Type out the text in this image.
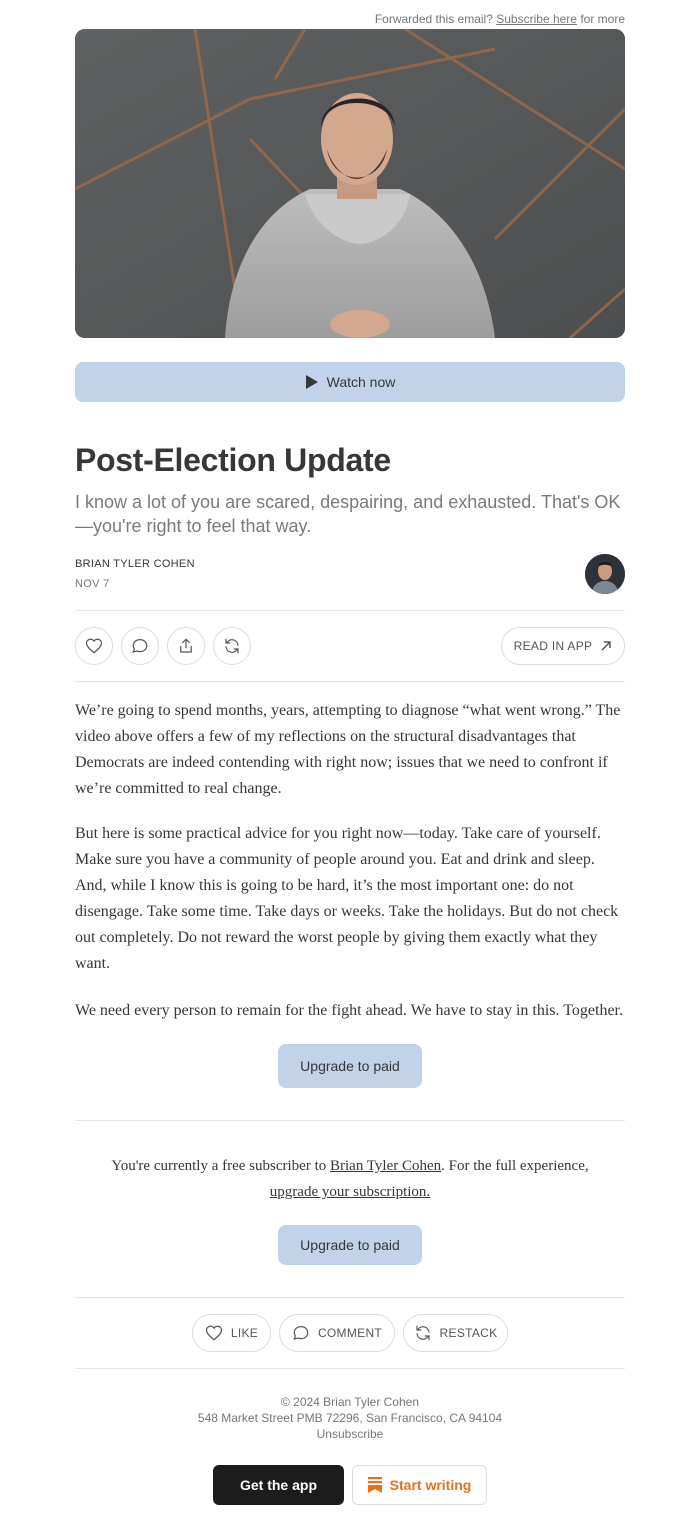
Forwarded this email? Subscribe here for more
Watch now
Post-Election Update

I know a lot of you are scared, despairing, and exhausted. That's OK —you're right to feel that way.

BRIAN TYLER COHEN
NOV 7
READ IN APP

We’re going to spend months, years, attempting to diagnose “what went wrong.” The video above offers a few of my reflections on the structural disadvantages that Democrats are indeed contending with right now; issues that we need to confront if we’re committed to real change.

But here is some practical advice for you right now—today. Take care of yourself. Make sure you have a community of people around you. Eat and drink and sleep. And, while I know this is going to be hard, it’s the most important one: do not disengage. Take some time. Take days or weeks. Take the holidays. But do not check out completely. Do not reward the worst people by giving them exactly what they want.

We need every person to remain for the fight ahead. We have to stay in this. Together.

Upgrade to paid

You're currently a free subscriber to Brian Tyler Cohen. For the full experience, upgrade your subscription.

Upgrade to paid
LIKE	COMMENT	RESTACK
© 2024 Brian Tyler Cohen
548 Market Street PMB 72296, San Francisco, CA 94104
Unsubscribe
Get the app	Start writing
